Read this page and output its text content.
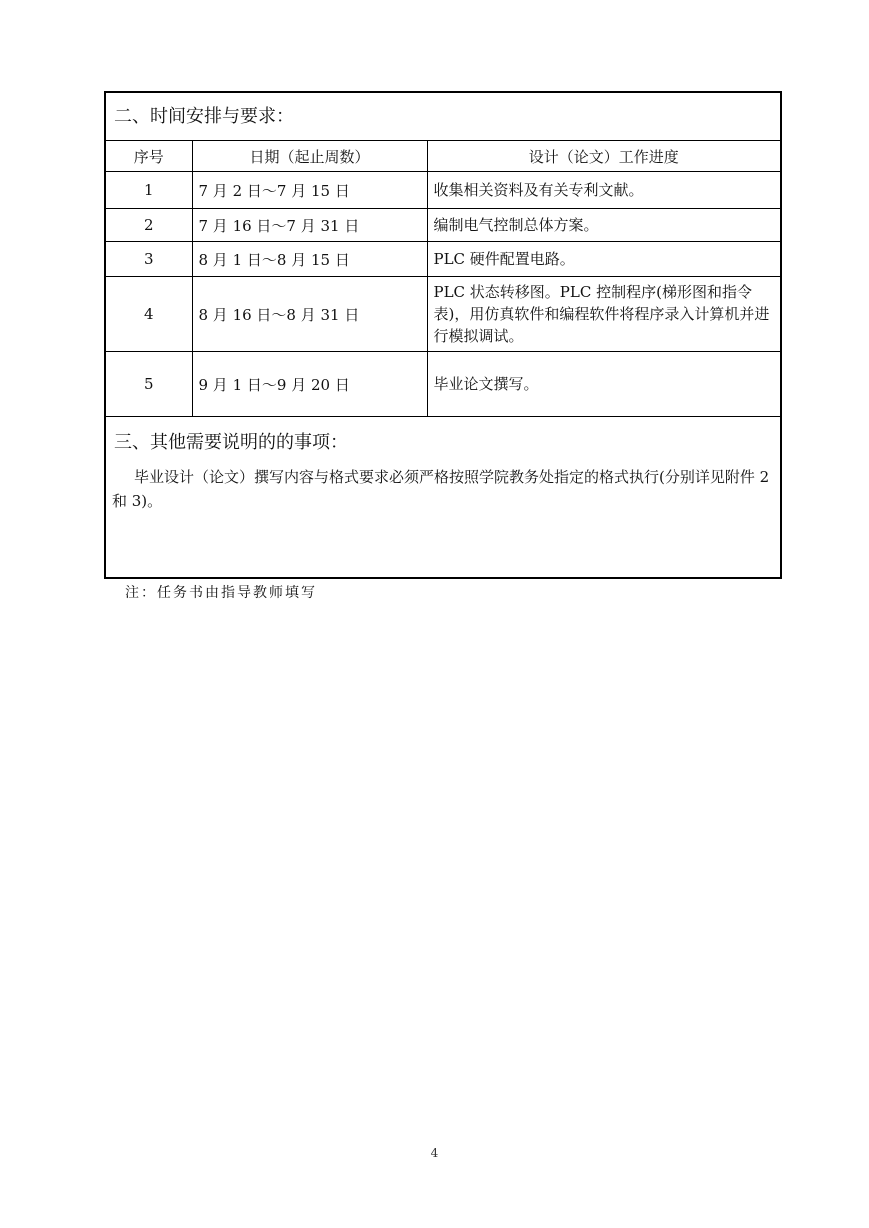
二、时间安排与要求：
序号	日期（起止周数）	设计（论文）工作进度
1	7 月 2 日～7 月 15 日	收集相关资料及有关专利文献。
2	7 月 16 日～7 月 31 日	编制电气控制总体方案。
3	8 月 1 日～8 月 15 日	PLC 硬件配置电路。
4	8 月 16 日～8 月 31 日	PLC 状态转移图。PLC 控制程序(梯形图和指令表)，用仿真软件和编程软件将程序录入计算机并进行模拟调试。
5	9 月 1 日～9 月 20 日	毕业论文撰写。
三、其他需要说明的的事项：

毕业设计（论文）撰写内容与格式要求必须严格按照学院教务处指定的格式执行(分别详见附件 2 和 3)。

注：任务书由指导教师填写
4
